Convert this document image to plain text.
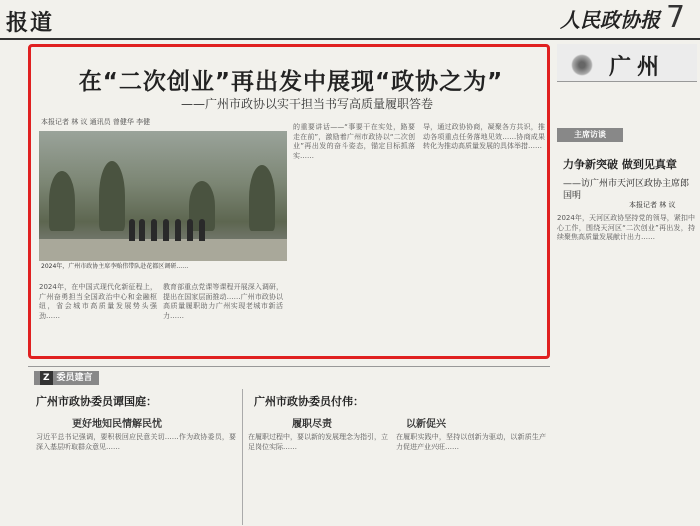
报道	人民政协报 7
在“二次创业”再出发中展现“政协之为”
——广州市政协以实干担当书写高质量履职答卷
本报记者 林 议 通讯员 曾健华 李健
2024年，广州市政协主席李贻伟带队赴花都区调研……
2024年，在中国式现代化新征程上，广州奋勇担当全国政治中心和金融枢纽，省会城市高质量发展势头强劲……
教育部重点党课等课程开展深入调研，提出在国家层面推动……广州市政协以高质量履职助力广州实现老城市新活力……
的重要讲话——“事要干在实处，路要走在前”，激励着广州市政协以“二次创业”再出发的奋斗姿态，锚定目标抓落实……
导，通过政协协商，凝聚各方共识，推动各项重点任务落地见效……协商成果转化为推动高质量发展的具体举措……
广州
主席访谈
力争新突破 做到见真章
——访广州市天河区政协主席郎国明
本报记者 林 议
2024年，天河区政协坚持党的领导，紧扣中心工作，围绕天河区“二次创业”再出发，持续聚焦高质量发展献计出力……
Z 委员建言
广州市政协委员谭国庭：
更好地知民情解民忧
习近平总书记强调，要积极回应民意关切……作为政协委员，要深入基层听取群众意见……
广州市政协委员付伟：
履职尽责
在履职过程中，要以新的发展理念为指引，立足岗位实际……
以新促兴
在履职实践中，坚持以创新为驱动，以新质生产力促进产业兴旺……
